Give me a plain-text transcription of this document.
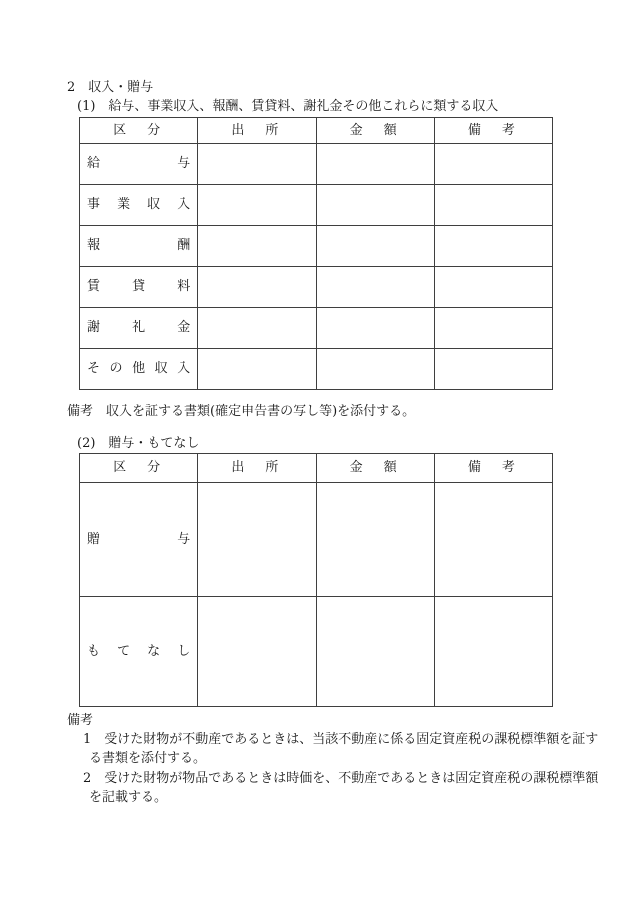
2　収入・贈与
(1)　給与、事業収入、報酬、賃貸料、謝礼金その他これらに類する収入
区　分	出　所	金　額	備　考
給与			
事業収入			
報酬			
賃貸料			
謝礼金			
その他収入			
備考　収入を証する書類(確定申告書の写し等)を添付する。
(2)　贈与・もてなし
区　分	出　所	金　額	備　考
贈与			
もてなし			
備考
1　受けた財物が不動産であるときは、当該不動産に係る固定資産税の課税標準額を証す
る書類を添付する。
2　受けた財物が物品であるときは時価を、不動産であるときは固定資産税の課税標準額
を記載する。
